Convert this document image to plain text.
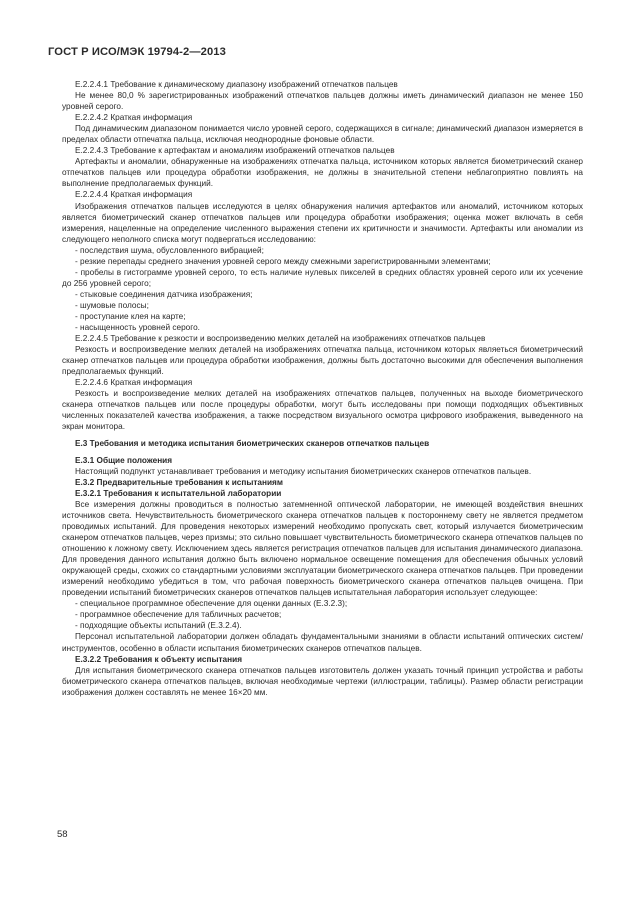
ГОСТ Р ИСО/МЭК 19794-2—2013

Е.2.2.4.1 Требование к динамическому диапазону изображений отпечатков пальцев

Не менее 80,0 % зарегистрированных изображений отпечатков пальцев должны иметь динамический диапазон не менее 150 уровней серого.

Е.2.2.4.2 Краткая информация

Под динамическим диапазоном понимается число уровней серого, содержащихся в сигнале; динамический диапазон измеряется в пределах области отпечатка пальца, исключая неоднородные фоновые области.

Е.2.2.4.3 Требование к артефактам и аномалиям изображений отпечатков пальцев

Артефакты и аномалии, обнаруженные на изображениях отпечатка пальца, источником которых является биометрический сканер отпечатков пальцев или процедура обработки изображения, не должны в значительной степени неблагоприятно повлиять на выполнение предполагаемых функций.

Е.2.2.4.4 Краткая информация

Изображения отпечатков пальцев исследуются в целях обнаружения наличия артефактов или аномалий, источником которых является биометрический сканер отпечатков пальцев или процедура обработки изображения; оценка может включать в себя измерения, нацеленные на определение численного выражения степени их критичности и значимости. Артефакты или аномалии из следующего неполного списка могут подвергаться исследованию:

- последствия шума, обусловленного вибрацией;

- резкие перепады среднего значения уровней серого между смежными зарегистрированными элементами;

- пробелы в гистограмме уровней серого, то есть наличие нулевых пикселей в средних областях уровней серого или их усечение до 256 уровней серого;

- стыковые соединения датчика изображения;

- шумовые полосы;

- проступание клея на карте;

- насыщенность уровней серого.

Е.2.2.4.5 Требование к резкости и воспроизведению мелких деталей на изображениях отпечатков пальцев

Резкость и воспроизведение мелких деталей на изображениях отпечатка пальца, источником которых являеться биометрический сканер отпечатков пальцев или процедура обработки изображения, должны быть достаточно высокими для обеспечения выполнения предполагаемых функций.

Е.2.2.4.6 Краткая информация

Резкость и воспроизведение мелких деталей на изображениях отпечатков пальцев, полученных на выходе биометрического сканера отпечатков пальцев или после процедуры обработки, могут быть исследованы при помощи подходящих объективных численных показателей качества изображения, а также посредством визуального осмотра цифрового изображения, выведенного на экран монитора.

Е.3 Требования и методика испытания биометрических сканеров отпечатков пальцев

Е.3.1 Общие положения

Настоящий подпункт устанавливает требования и методику испытания биометрических сканеров отпечатков пальцев.

Е.3.2 Предварительные требования к испытаниям

Е.3.2.1 Требования к испытательной лаборатории

Все измерения должны проводиться в полностью затемненной оптической лаборатории, не имеющей воздействия внешних источников света. Нечувствительность биометрического сканера отпечатков пальцев к постороннему свету не является предметом проводимых испытаний. Для проведения некоторых измерений необходимо пропускать свет, который излучается биометрическим сканером отпечатков пальцев, через призмы; это сильно повышает чувствительность биометрического сканера отпечатков пальцев по отношению к ложному свету. Исключением здесь является регистрация отпечатков пальцев для испытания динамического диапазона. Для проведения данного испытания должно быть включено нормальное освещение помещения для обеспечения обычных условий окружающей среды, схожих со стандартными условиями эксплуатации биометрического сканера отпечатков пальцев. При проведении измерений необходимо убедиться в том, что рабочая поверхность биометрического сканера отпечатков пальцев очищена. При проведении испытаний биометрических сканеров отпечатков пальцев испытательная лаборатория использует следующее:

- специальное программное обеспечение для оценки данных (Е.3.2.3);

- программное обеспечение для табличных расчетов;

- подходящие объекты испытаний (Е.3.2.4).

Персонал испытательной лаборатории должен обладать фундаментальными знаниями в области испытаний оптических систем/инструментов, особенно в области испытания биометрических сканеров отпечатков пальцев.

Е.3.2.2 Требования к объекту испытания

Для испытания биометрического сканера отпечатков пальцев изготовитель должен указать точный принцип устройства и работы биометрического сканера отпечатков пальцев, включая необходимые чертежи (иллюстрации, таблицы). Размер области регистрации изображения должен составлять не менее 16×20 мм.

58
